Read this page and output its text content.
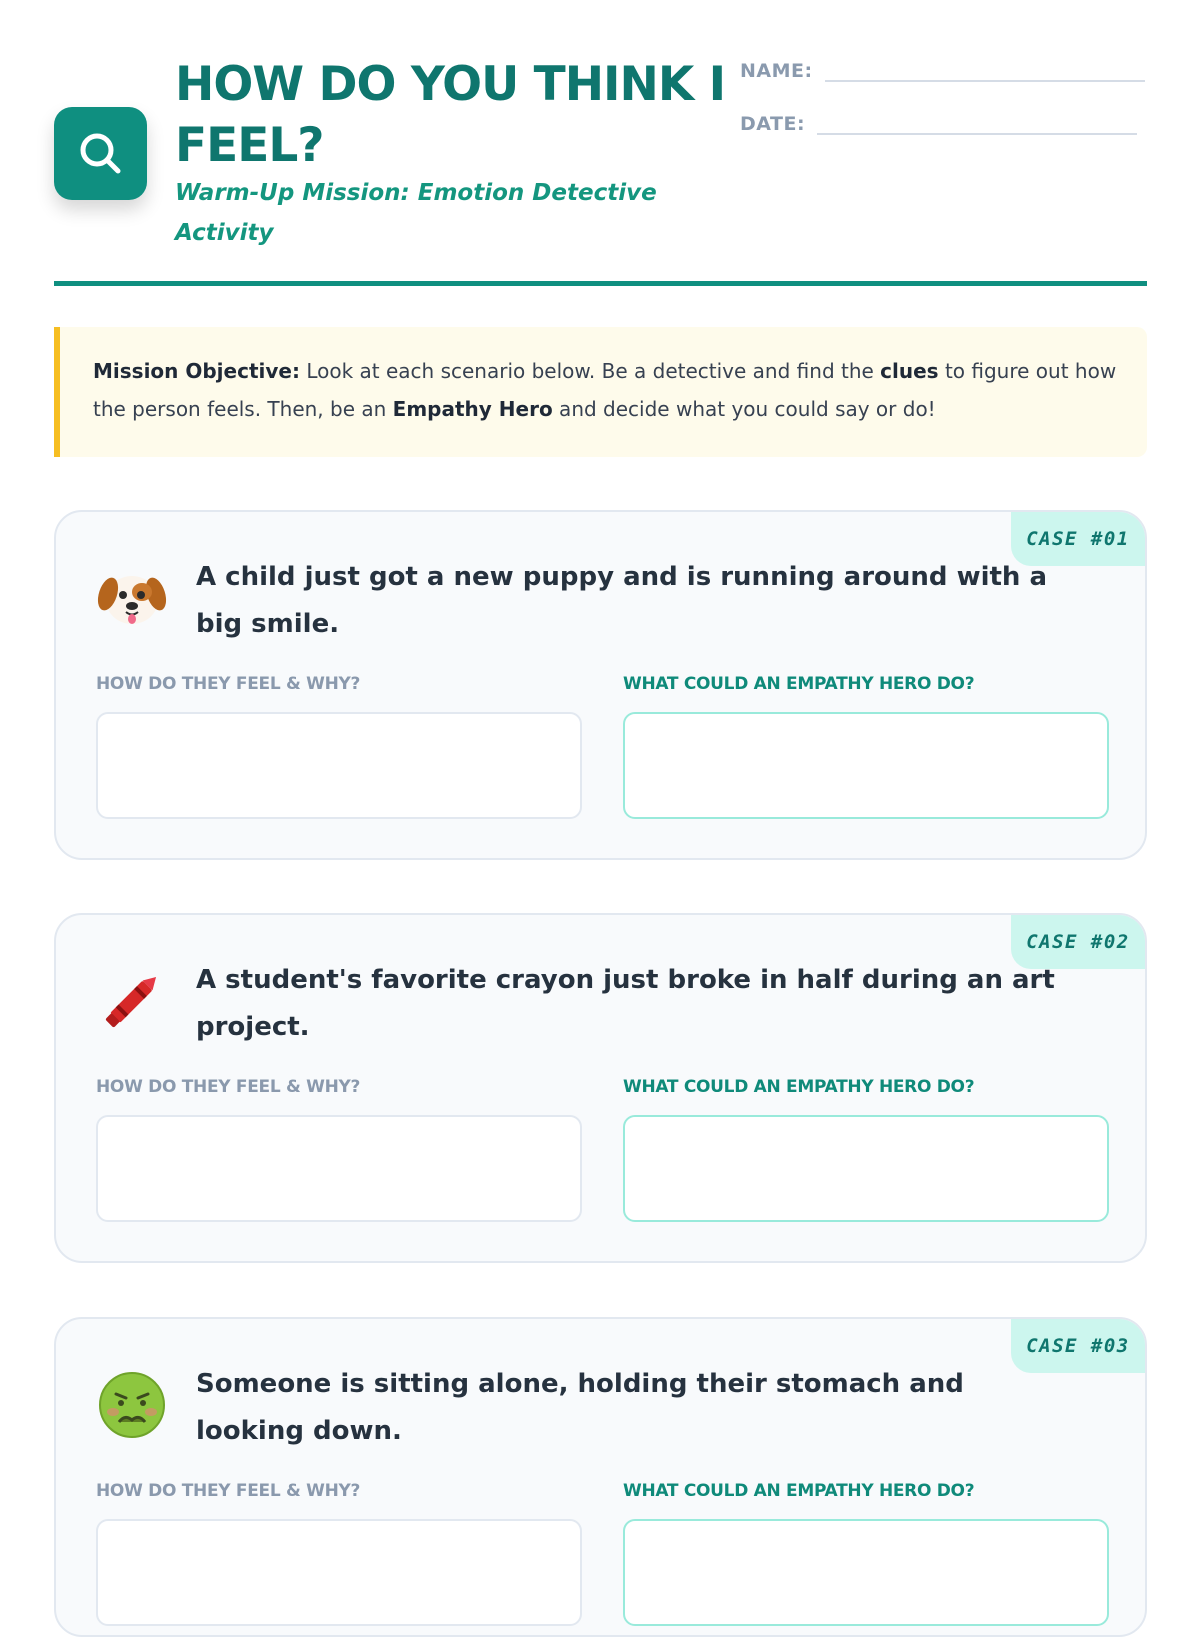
HOW DO YOU THINK I FEEL?
Warm-Up Mission: Emotion Detective Activity
NAME:
DATE:
Mission Objective: Look at each scenario below. Be a detective and find the clues to figure out how the person feels. Then, be an Empathy Hero and decide what you could say or do!
CASE #01

A child just got a new puppy and is running around with a big smile.

HOW DO THEY FEEL & WHY?	WHAT COULD AN EMPATHY HERO DO?
CASE #02

A student's favorite crayon just broke in half during an art project.

HOW DO THEY FEEL & WHY?	WHAT COULD AN EMPATHY HERO DO?
CASE #03

Someone is sitting alone, holding their stomach and looking down.

HOW DO THEY FEEL & WHY?	WHAT COULD AN EMPATHY HERO DO?
